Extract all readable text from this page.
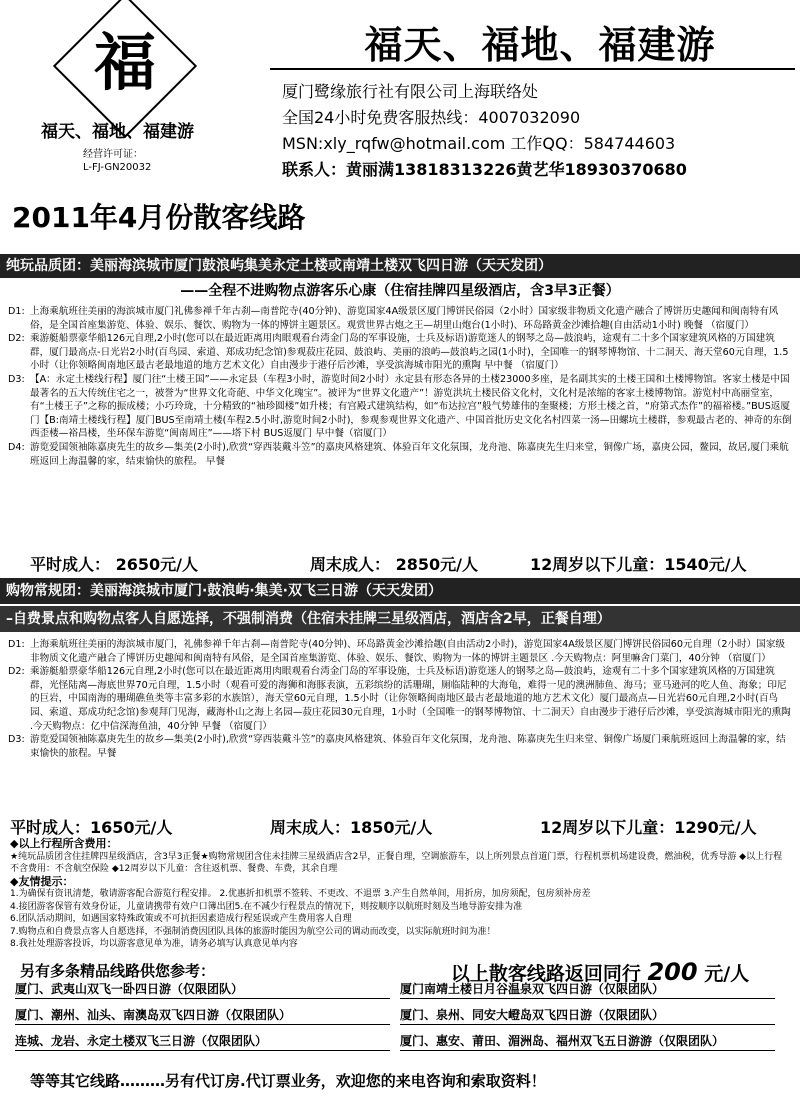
福
福天、福地、福建游
经营许可证：
L-FJ-GN20032
福天、福地、福建游
厦门鹭缘旅行社有限公司上海联络处
全国24小时免费客服热线：4007032090
MSN:xly_rqfw@hotmail.com 工作QQ：584744603
联系人：黄丽满13818313226黄艺华18930370680
2011年4月份散客线路
纯玩品质团：美丽海滨城市厦门鼓浪屿集美永定土楼或南靖土楼双飞四日游（天天发团）
——全程不进购物点游客乐心康（住宿挂牌四星级酒店，含3早3正餐）
D1: 上海乘航班往美丽的海滨城市厦门礼佛参禅千年古刹—南普陀寺(40分钟)、游览国家4A级景区厦门博饼民俗园（2小时）国家级非物质文化遗产融合了博饼历史趣闻和闽南特有风俗，是全国首座集游览、体验、娱乐、餐饮、购物为一体的博饼主题景区。观赏世界古炮之王—胡里山炮台(1小时)、环岛路黄金沙滩拾趣(自由活动1小时) 晚餐 （宿厦门）
D2: 乘游艇船票豪华船126元自理,2小时(您可以在最近距离用肉眼观看台湾金门岛的军事设施，士兵及标语)游览迷人的钢琴之岛—鼓浪屿，途观有二十多个国家建筑风格的万国建筑群，厦门最高点-日光岩2小时(百鸟园、索道、郑成功纪念馆)参观菽庄花园、鼓浪屿、美丽的浪屿—鼓浪屿之园(1小时)，全国唯一的钢琴博物馆、十二洞天、海天堂60元自理，1.5小时（让你领略闽南地区最古老最地道的地方艺术文化）自由漫步于港仔后沙滩，享受滨海城市阳光的熏陶 早中餐 （宿厦门）
D3: 【A：永定土楼线行程】厦门往“土楼王国”——永定县（车程3小时，游览时间2小时）永定县有形态各异的土楼23000多座，是名副其实的土楼王国和土楼博物馆。客家土楼是中国最著名的五大传统住宅之一，被誉为“世界文化奇葩、中华文化瑰宝”。被评为“世界文化遗产”！游览洪坑土楼民俗文化村，文化村是浓缩的客家土楼博物馆。游览村中高丽堂室，有“土楼王子”之称的振成楼；小巧玲珑，十分精致的“袖珍圆楼”如升楼；有宫殿式建筑结构，如“布达拉宫”般气势雄伟的奎聚楼；方形土楼之首，“府第式杰作”的福裕楼。”BUS返厦门【B:南靖土楼线行程】厦门BUS至南靖土楼(车程2.5小时,游览时间2小时)，参观参观世界文化遗产、中国首批历史文化名村四菜一汤—田螺坑土楼群，参观最古老的、神奇的东倒西歪楼—裕昌楼，坐环保车游览“闽南周庄”——塔下村 BUS返厦门 早中餐（宿厦门）
D4: 游览爱国领袖陈嘉庚先生的故乡—集美(2小时),欣赏“穿西装戴斗笠”的嘉庚风格建筑、体验百年文化氛围，龙舟池、陈嘉庚先生归来堂，铜像广场，嘉庚公园，鳌园，故居,厦门乘航班返回上海温馨的家，结束愉快的旅程。 早餐
平时成人： 2650元/人	周末成人： 2850元/人	12周岁以下儿童：1540元/人
购物常规团：美丽海滨城市厦门·鼓浪屿·集美·双飞三日游（天天发团）
–自费景点和购物点客人自愿选择，不强制消费（住宿未挂牌三星级酒店，酒店含2早，正餐自理）
D1: 上海乘航班往美丽的海滨城市厦门，礼佛参禅千年古刹—南普陀寺(40分钟)、环岛路黄金沙滩拾趣(自由活动2小时)，游览国家4A级景区厦门博饼民俗园60元自理（2小时）国家级非物质文化遗产融合了博饼历史趣闻和闽南特有风俗，是全国首座集游览、体验、娱乐、餐饮、购物为一体的博饼主题景区 .今天购物点：阿里嘛舍门菜门，40分钟 （宿厦门）
D2: 乘游艇船票豪华船126元自理,2小时(您可以在最近距离用肉眼观看台湾金门岛的军事设施，士兵及标语)游览迷人的钢琴之岛—鼓浪屿，途观有二十多个国家建筑风格的万国建筑群，光怪陆离—海底世界70元自理，1.5小时（观看可爱的海狮和海豚表演，五彩缤纷的活珊瑚，厕临陆种的大海龟，难得一见的澳洲肺鱼、海马；亚马逊河的吃人鱼、海象；印尼的巨岩，中国南海的珊瑚礁鱼类等丰富多彩的水族馆），海天堂60元自理，1.5小时（让你领略闽南地区最古老最地道的地方艺术文化）厦门最高点—日光岩60元自理,2小时(百鸟园、索道、郑成功纪念馆)参观拜门见海，藏海朴山之海上名园—菽庄花园30元自理，1小时（全国唯一的钢琴博物馆、十二洞天）自由漫步于港仔后沙滩，享受滨海城市阳光的熏陶 .今天购物点：亿中信深海鱼油，40分钟 早餐 （宿厦门）
D3: 游览爱国领袖陈嘉庚先生的故乡—集美(2小时),欣赏“穿西装戴斗笠”的嘉庚风格建筑、体验百年文化氛围，龙舟池、陈嘉庚先生归来堂、铜像广场厦门乘航班返回上海温馨的家，结束愉快的旅程。早餐
平时成人：1650元/人	周末成人：1850元/人	12周岁以下儿童：1290元/人
◆以上行程所含费用：
★纯玩品质团含住挂牌四星级酒店，含3早3正餐★购物常规团含住未挂牌三星级酒店含2早，正餐自理，空调旅游车，以上所列景点首道门票，行程机票机场建设费，燃油税，优秀导游 ◆以上行程不含费用：不含航空保险 ◆12周岁以下儿童：含往返机票、餐费、车费，其余自理
◆友情提示：
1.为确保有资讯清楚，敬请游客配合游览行程安排。 2.优惠折扣机票不签转、不更改、不退票 3.产生自然单间，用折房，加房须配，包房须补房差
4.接团游客保管有效身份证，儿童请携带有效户口簿出团5.在不减少行程景点的情况下，则按顺序以航班时刻及当地导游安排为准
6.团队活动期间，如遇国家特殊政策或不可抗拒因素造成行程延误或产生费用客人自理
7.购物点和自费景点客人自愿选择，不强制消费因团队具体的旅游时能因为航空公司的调动而改变，以实际航班时间为准！
8.我社处理游客投诉，均以游客意见单为准，请务必填写认真意见单内容
另有多条精品线路供您参考：	以上散客线路返回同行 200 元/人
厦门、武夷山双飞一卧四日游（仅限团队）	厦门南靖土楼日月谷温泉双飞四日游（仅限团队）
厦门、潮州、汕头、南澳岛双飞四日游（仅限团队）	厦门、泉州、同安大嶝岛双飞四日游（仅限团队）
连城、龙岩、永定土楼双飞三日游（仅限团队）	厦门、惠安、莆田、湄洲岛、福州双飞五日游游（仅限团队）
等等其它线路………另有代订房.代订票业务，欢迎您的来电咨询和索取资料！
